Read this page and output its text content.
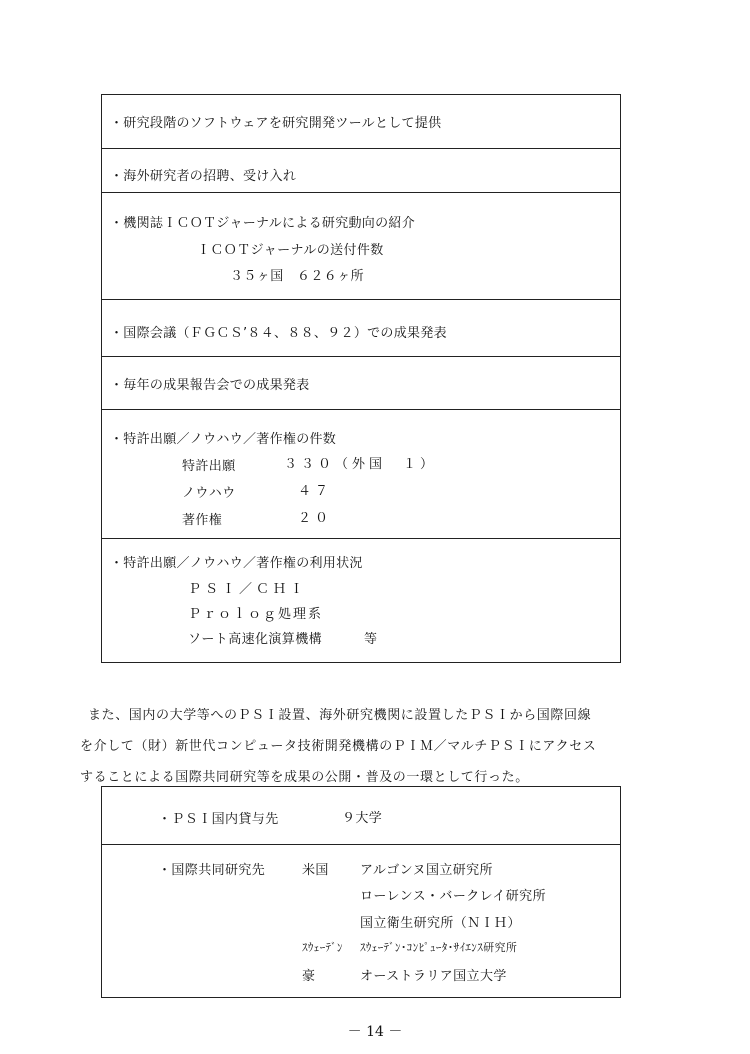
・研究段階のソフトウェアを研究開発ツールとして提供
・海外研究者の招聘、受け入れ
・機関誌ＩＣＯＴジャーナルによる研究動向の紹介
ＩＣＯＴジャーナルの送付件数
３５ヶ国　６２６ヶ所
・国際会議（ＦＧＣＳ’８４、８８、９２）での成果発表
・毎年の成果報告会での成果発表
・特許出願／ノウハウ／著作権の件数
特許出願	３３０（外国　１）
ノウハウ	４７
著作権	２０
・特許出願／ノウハウ／著作権の利用状況
ＰＳＩ／ＣＨＩ
Ｐｒｏｌｏｇ処理系
ソート高速化演算機構	等
また、国内の大学等へのＰＳＩ設置、海外研究機関に設置したＰＳＩから国際回線
を介して（財）新世代コンピュータ技術開発機構のＰＩＭ／マルチＰＳＩにアクセス
することによる国際共同研究等を成果の公開・普及の一環として行った。
・ＰＳＩ国内貸与先	９大学
・国際共同研究先	米国 アルゴンヌ国立研究所
ローレンス・バークレイ研究所
国立衛生研究所（ＮＩＨ）
ｽｳｪｰﾃﾞﾝ ｽｳｪｰﾃﾞﾝ･ｺﾝﾋﾟｭｰﾀ･ｻｲｴﾝｽ研究所
豪	オーストラリア国立大学
－ 14 －
